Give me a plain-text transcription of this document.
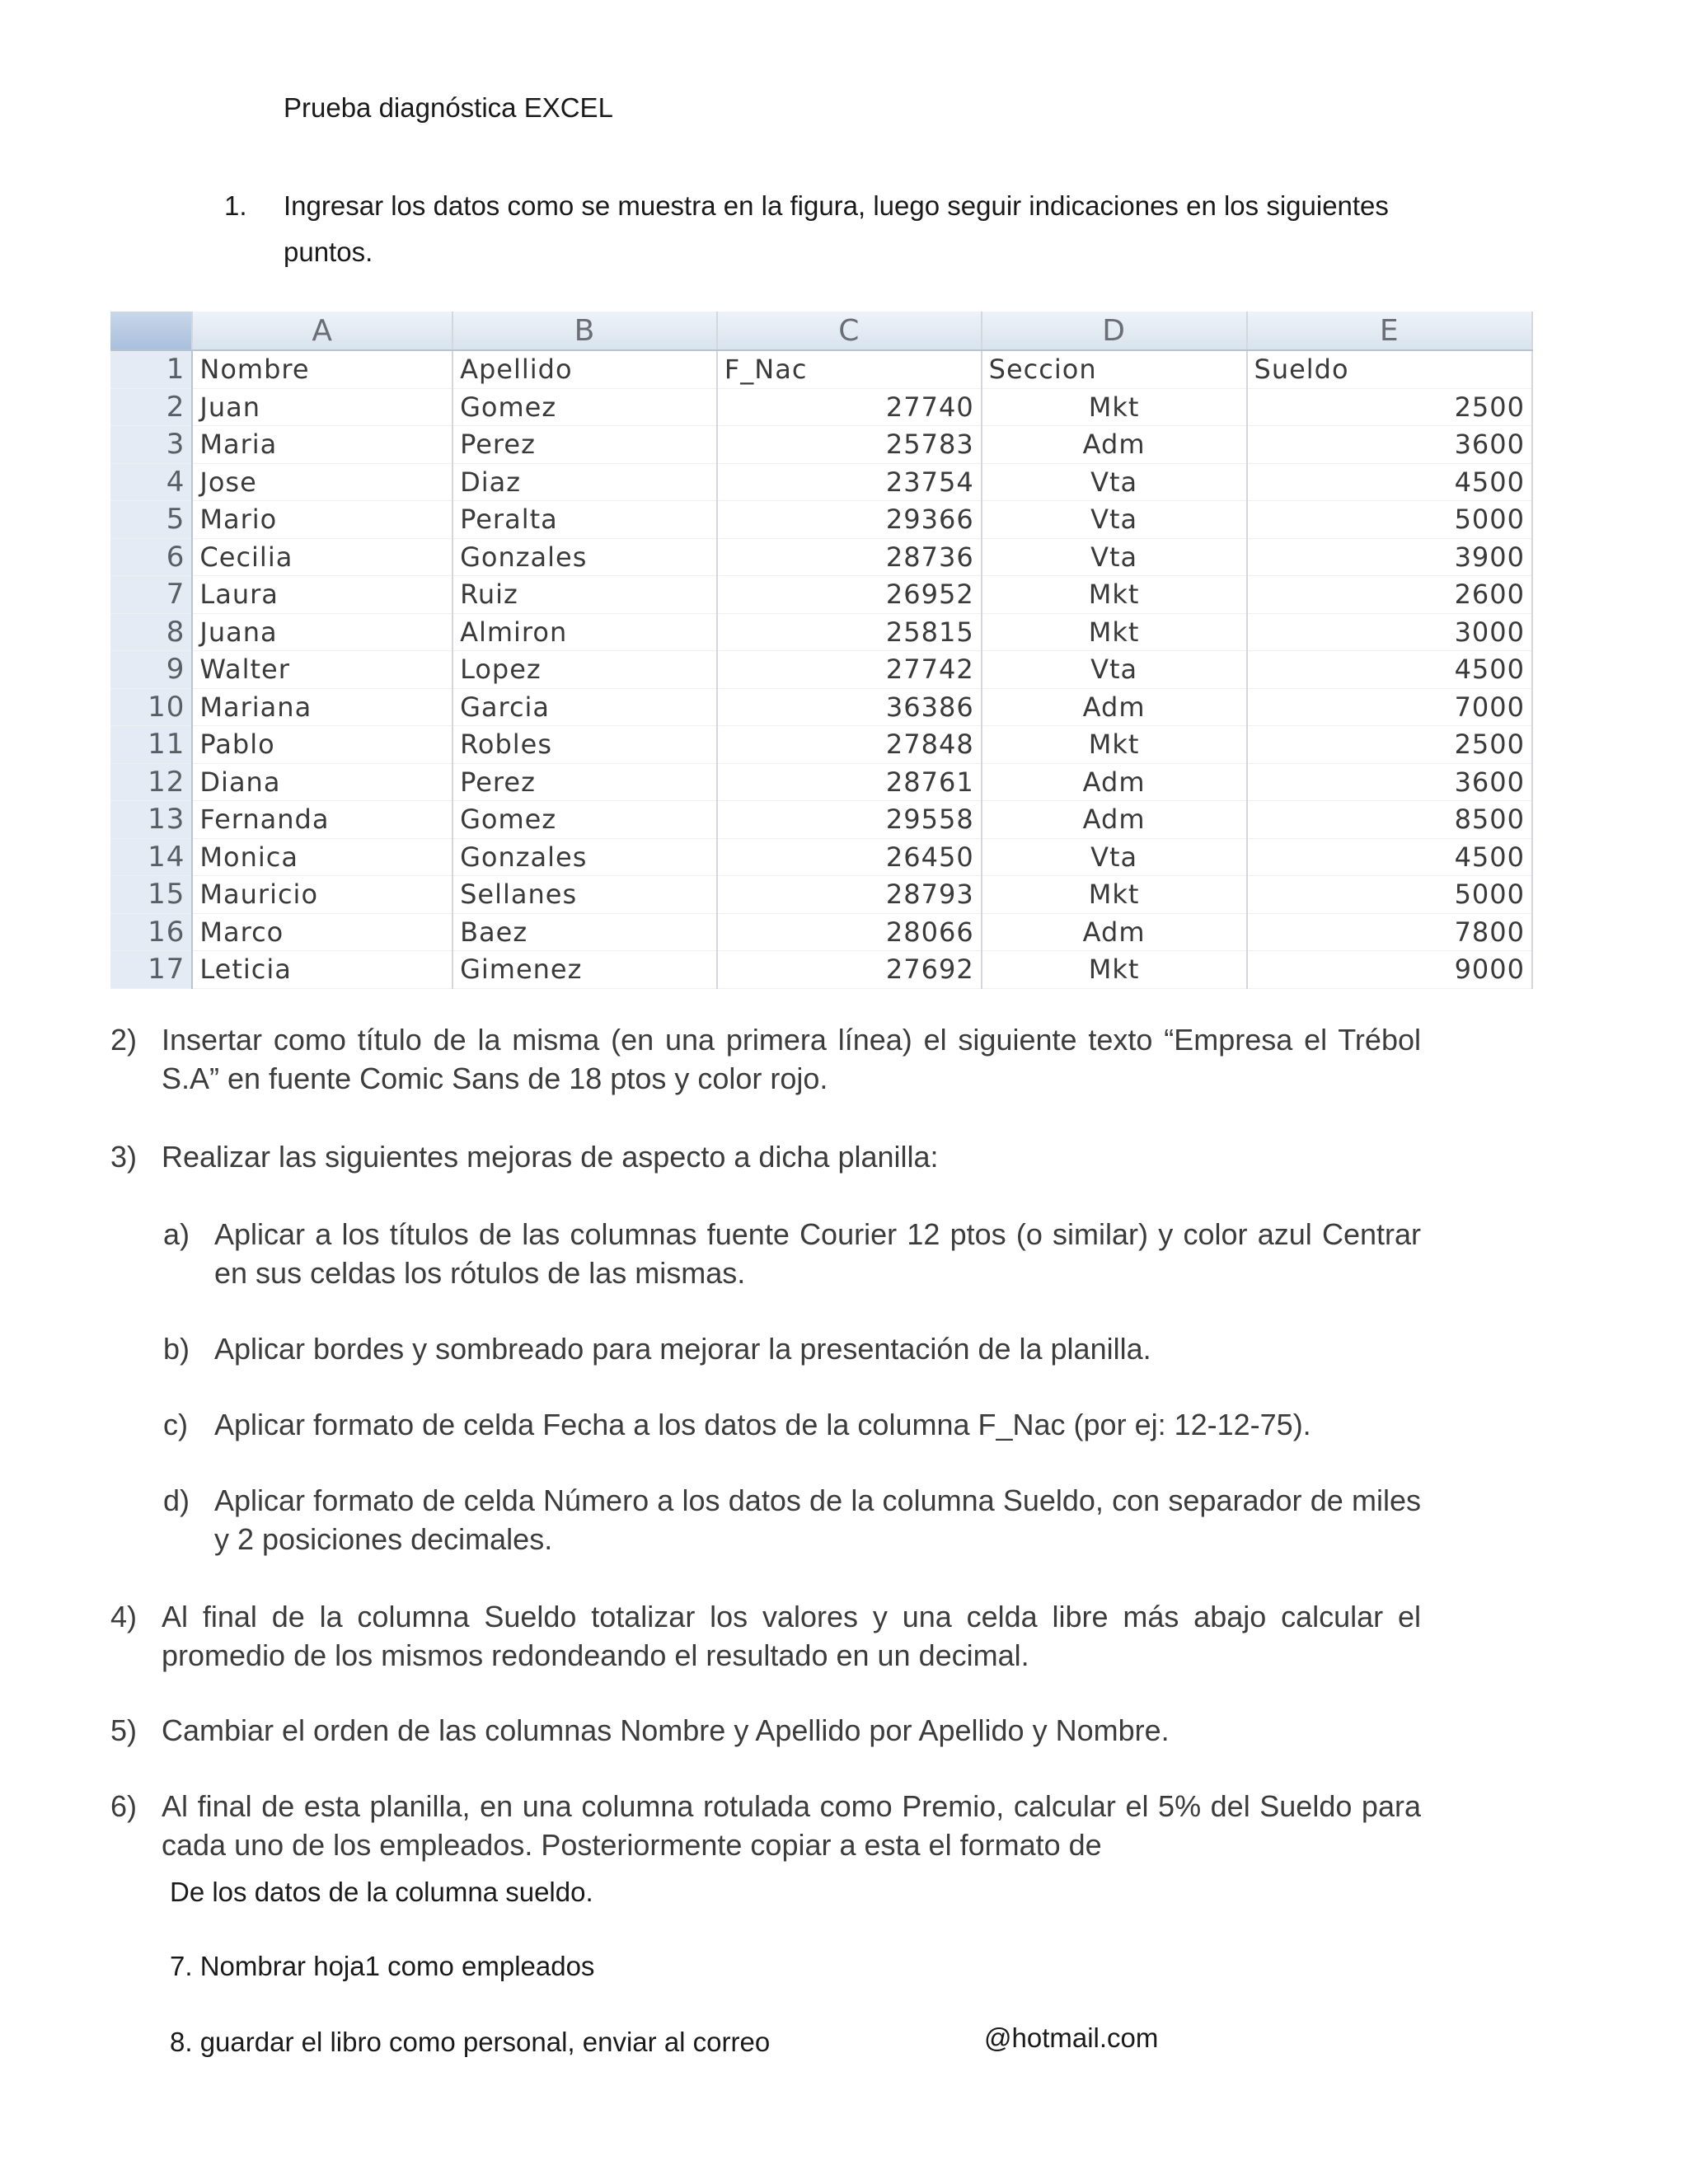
Prueba diagnóstica EXCEL
1. Ingresar los datos como se muestra en la figura, luego seguir indicaciones en los siguientes puntos.
	A	B	C	D	E
1	Nombre	Apellido	F_Nac	Seccion	Sueldo
2	Juan	Gomez	27740	Mkt	2500
3	Maria	Perez	25783	Adm	3600
4	Jose	Diaz	23754	Vta	4500
5	Mario	Peralta	29366	Vta	5000
6	Cecilia	Gonzales	28736	Vta	3900
7	Laura	Ruiz	26952	Mkt	2600
8	Juana	Almiron	25815	Mkt	3000
9	Walter	Lopez	27742	Vta	4500
10	Mariana	Garcia	36386	Adm	7000
11	Pablo	Robles	27848	Mkt	2500
12	Diana	Perez	28761	Adm	3600
13	Fernanda	Gomez	29558	Adm	8500
14	Monica	Gonzales	26450	Vta	4500
15	Mauricio	Sellanes	28793	Mkt	5000
16	Marco	Baez	28066	Adm	7800
17	Leticia	Gimenez	27692	Mkt	9000
2) Insertar como título de la misma (en una primera línea) el siguiente texto “Empresa el Trébol S.A” en fuente Comic Sans de 18 ptos y color rojo.
3) Realizar las siguientes mejoras de aspecto a dicha planilla:
a) Aplicar a los títulos de las columnas fuente Courier 12 ptos (o similar) y color azul Centrar en sus celdas los rótulos de las mismas.
b) Aplicar bordes y sombreado para mejorar la presentación de la planilla.
c) Aplicar formato de celda Fecha a los datos de la columna F_Nac (por ej: 12-12-75).
d) Aplicar formato de celda Número a los datos de la columna Sueldo, con separador de miles y 2 posiciones decimales.
4) Al final de la columna Sueldo totalizar los valores y una celda libre más abajo calcular el promedio de los mismos redondeando el resultado en un decimal.
5) Cambiar el orden de las columnas Nombre y Apellido por Apellido y Nombre.
6) Al final de esta planilla, en una columna rotulada como Premio, calcular el 5% del Sueldo para cada uno de los empleados. Posteriormente copiar a esta el formato de
De los datos de la columna sueldo.
7. Nombrar hoja1 como empleados
8. guardar el libro como personal, enviar al correo	@hotmail.com
